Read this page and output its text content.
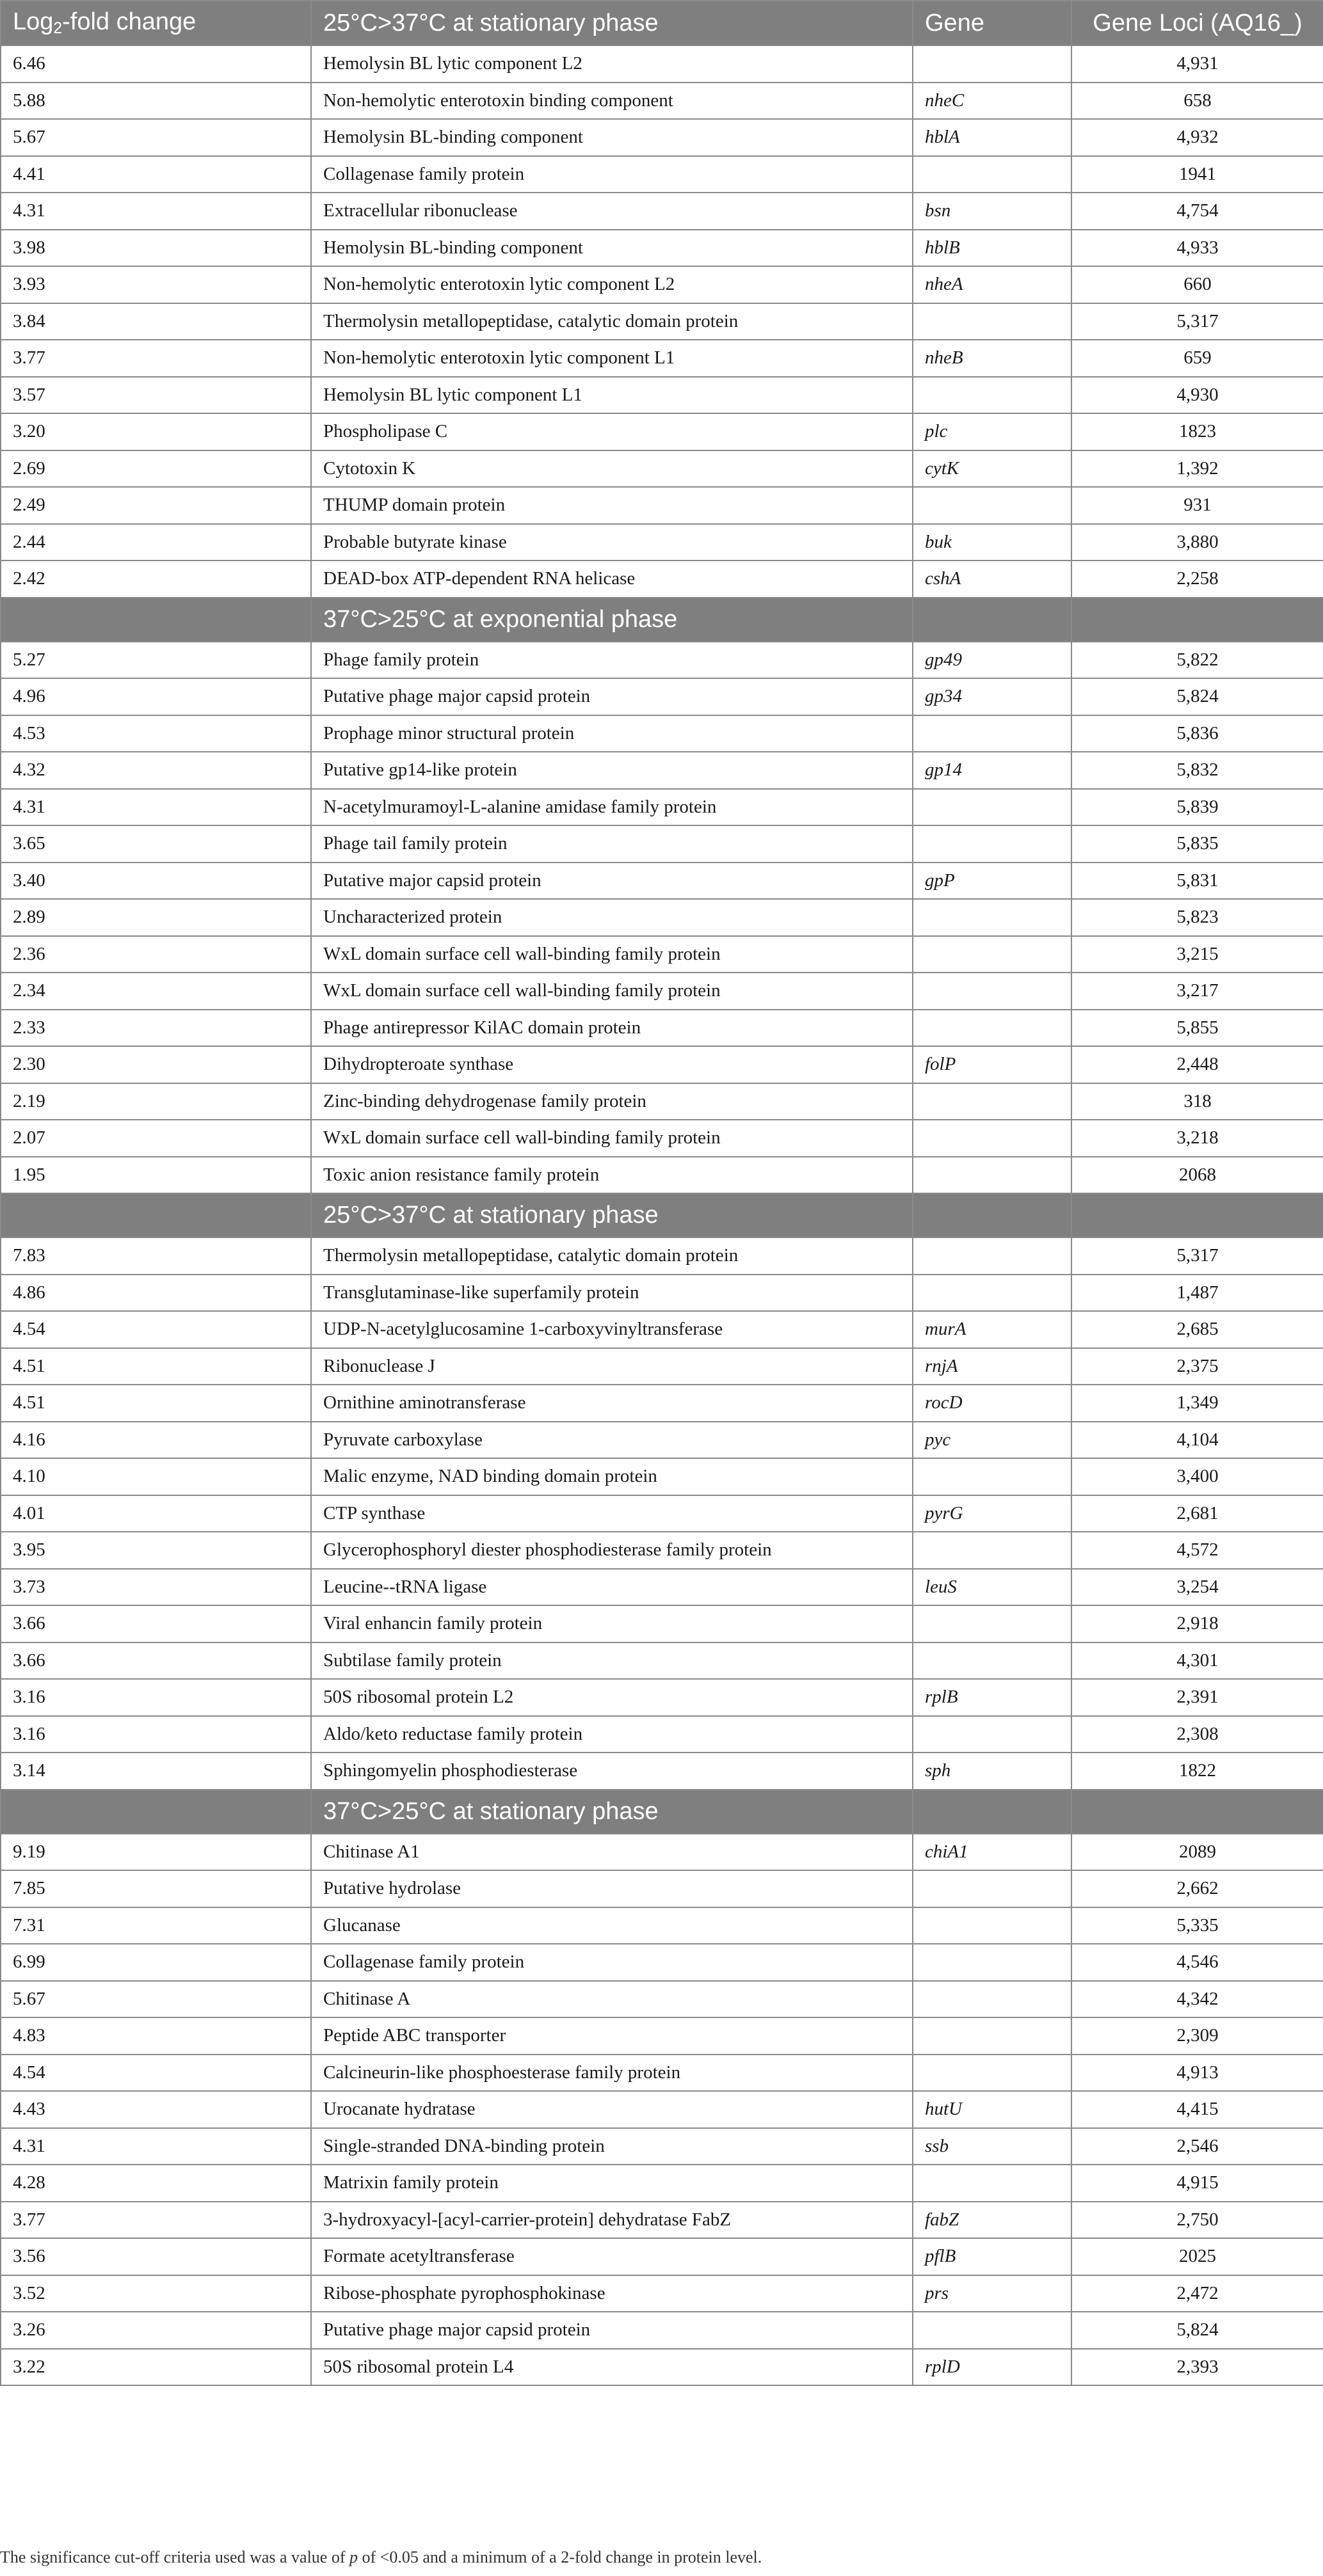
Log$_2$-fold change	25°C>37°C at stationary phase	Gene	Gene Loci (AQ16_)
6.46	Hemolysin BL lytic component L2		4,931
5.88	Non-hemolytic enterotoxin binding component	nheC	658
5.67	Hemolysin BL-binding component	hblA	4,932
4.41	Collagenase family protein		1941
4.31	Extracellular ribonuclease	bsn	4,754
3.98	Hemolysin BL-binding component	hblB	4,933
3.93	Non-hemolytic enterotoxin lytic component L2	nheA	660
3.84	Thermolysin metallopeptidase, catalytic domain protein		5,317
3.77	Non-hemolytic enterotoxin lytic component L1	nheB	659
3.57	Hemolysin BL lytic component L1		4,930
3.20	Phospholipase C	plc	1823
2.69	Cytotoxin K	cytK	1,392
2.49	THUMP domain protein		931
2.44	Probable butyrate kinase	buk	3,880
2.42	DEAD-box ATP-dependent RNA helicase	cshA	2,258
	37°C>25°C at exponential phase		
5.27	Phage family protein	gp49	5,822
4.96	Putative phage major capsid protein	gp34	5,824
4.53	Prophage minor structural protein		5,836
4.32	Putative gp14-like protein	gp14	5,832
4.31	N-acetylmuramoyl-L-alanine amidase family protein		5,839
3.65	Phage tail family protein		5,835
3.40	Putative major capsid protein	gpP	5,831
2.89	Uncharacterized protein		5,823
2.36	WxL domain surface cell wall-binding family protein		3,215
2.34	WxL domain surface cell wall-binding family protein		3,217
2.33	Phage antirepressor KilAC domain protein		5,855
2.30	Dihydropteroate synthase	folP	2,448
2.19	Zinc-binding dehydrogenase family protein		318
2.07	WxL domain surface cell wall-binding family protein		3,218
1.95	Toxic anion resistance family protein		2068
	25°C>37°C at stationary phase		
7.83	Thermolysin metallopeptidase, catalytic domain protein		5,317
4.86	Transglutaminase-like superfamily protein		1,487
4.54	UDP-N-acetylglucosamine 1-carboxyvinyltransferase	murA	2,685
4.51	Ribonuclease J	rnjA	2,375
4.51	Ornithine aminotransferase	rocD	1,349
4.16	Pyruvate carboxylase	pyc	4,104
4.10	Malic enzyme, NAD binding domain protein		3,400
4.01	CTP synthase	pyrG	2,681
3.95	Glycerophosphoryl diester phosphodiesterase family protein		4,572
3.73	Leucine--tRNA ligase	leuS	3,254
3.66	Viral enhancin family protein		2,918
3.66	Subtilase family protein		4,301
3.16	50S ribosomal protein L2	rplB	2,391
3.16	Aldo/keto reductase family protein		2,308
3.14	Sphingomyelin phosphodiesterase	sph	1822
	37°C>25°C at stationary phase		
9.19	Chitinase A1	chiA1	2089
7.85	Putative hydrolase		2,662
7.31	Glucanase		5,335
6.99	Collagenase family protein		4,546
5.67	Chitinase A		4,342
4.83	Peptide ABC transporter		2,309
4.54	Calcineurin-like phosphoesterase family protein		4,913
4.43	Urocanate hydratase	hutU	4,415
4.31	Single-stranded DNA-binding protein	ssb	2,546
4.28	Matrixin family protein		4,915
3.77	3-hydroxyacyl-[acyl-carrier-protein] dehydratase FabZ	fabZ	2,750
3.56	Formate acetyltransferase	pflB	2025
3.52	Ribose-phosphate pyrophosphokinase	prs	2,472
3.26	Putative phage major capsid protein		5,824
3.22	50S ribosomal protein L4	rplD	2,393
The significance cut-off criteria used was a value of p of <0.05 and a minimum of a 2-fold change in protein level.
